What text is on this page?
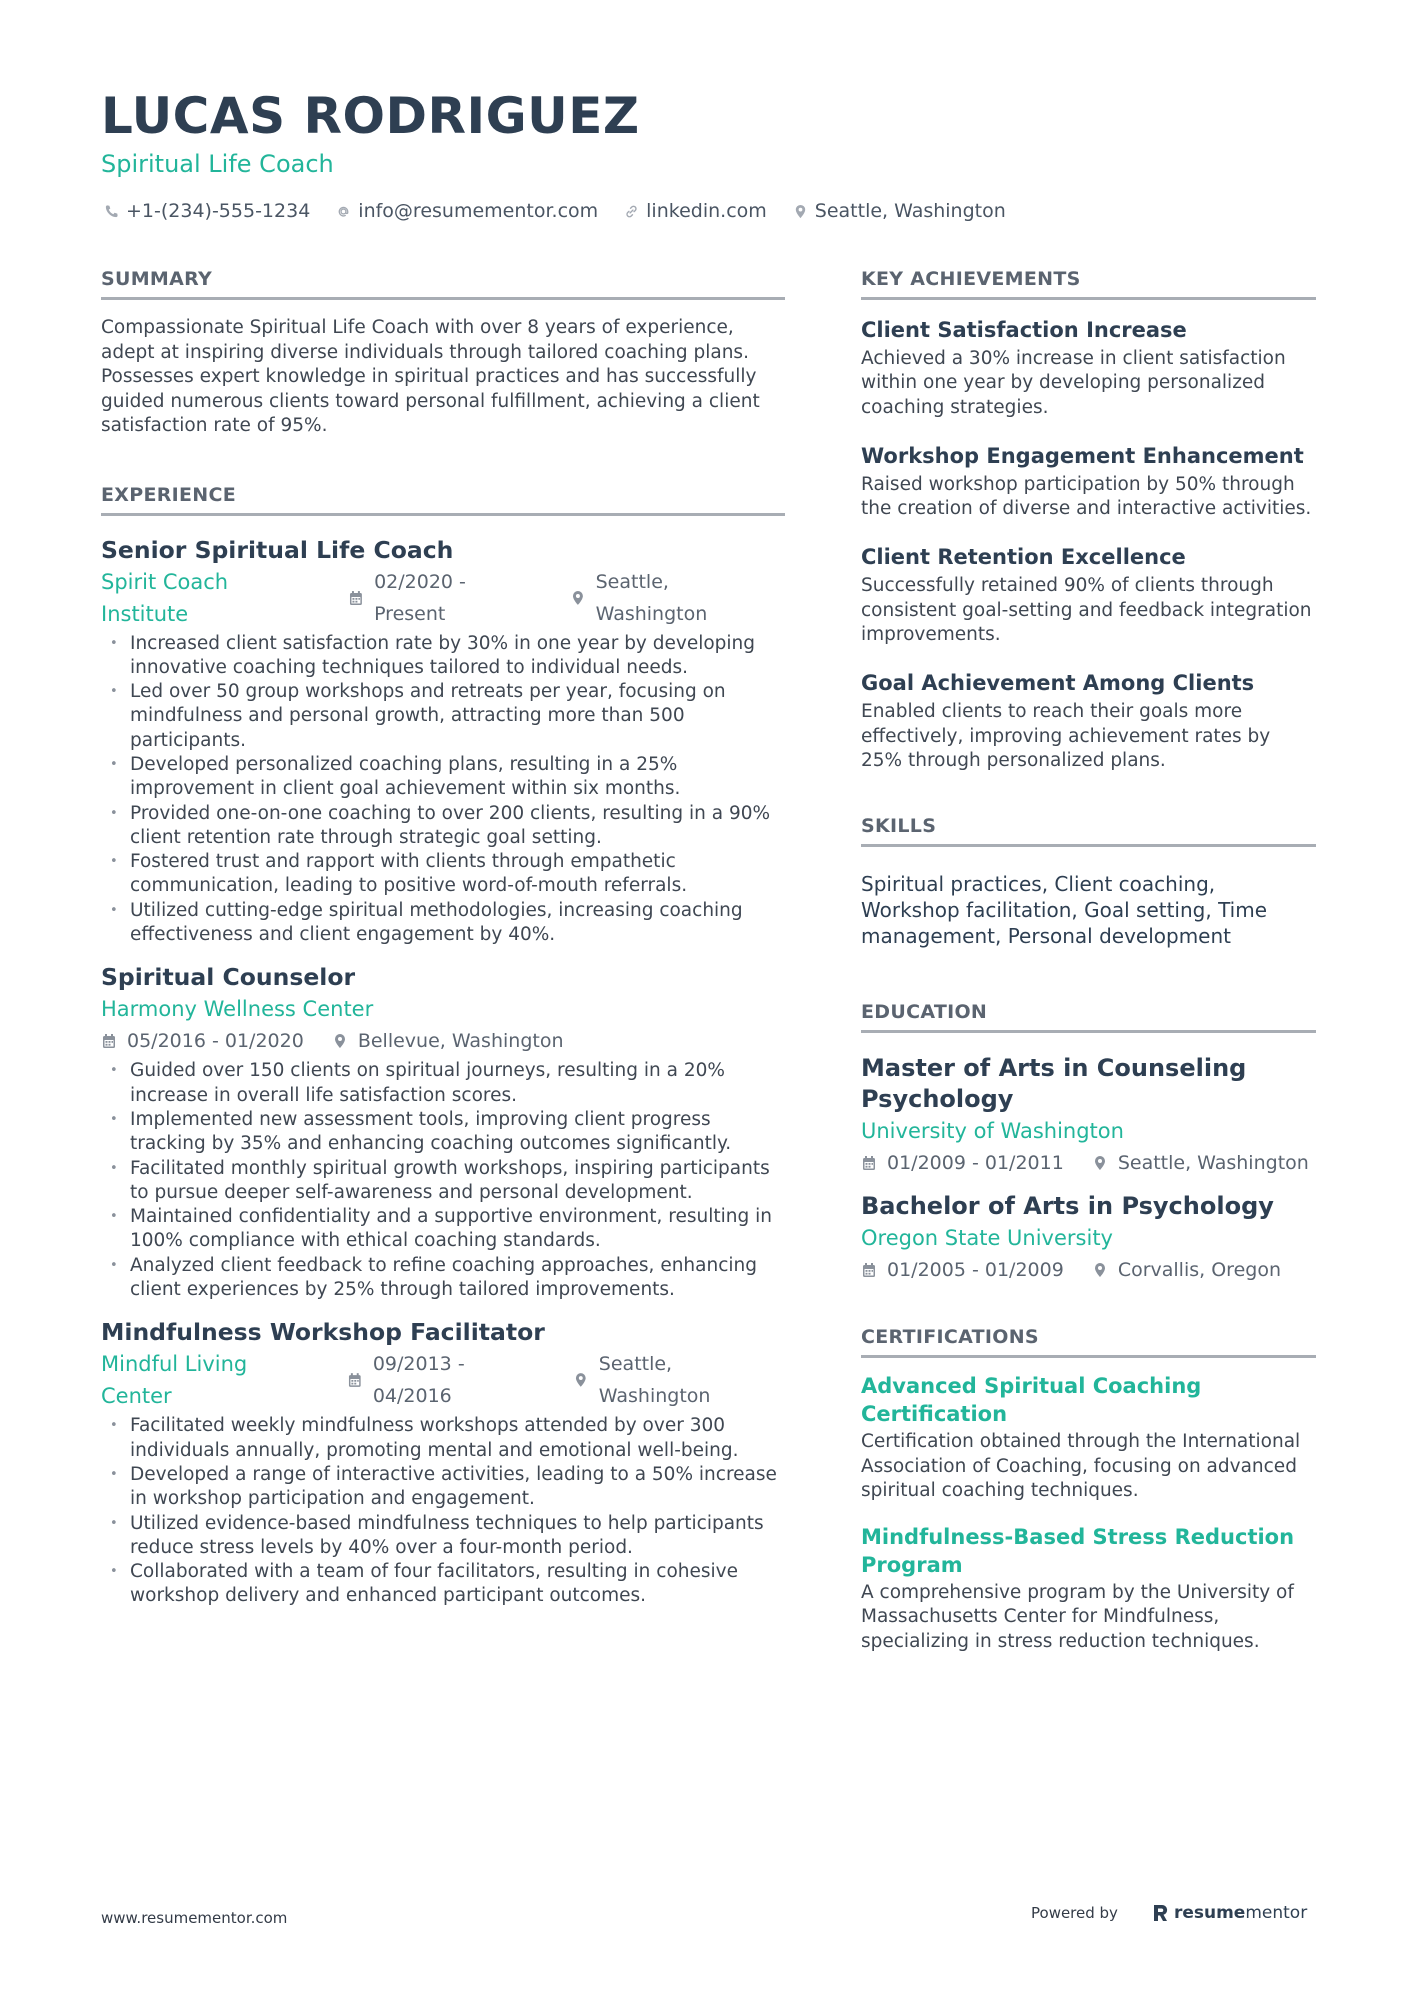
LUCAS RODRIGUEZ
Spiritual Life Coach
+1-(234)-555-1234	info@resumementor.com	linkedin.com	Seattle, Washington
SUMMARY

Compassionate Spiritual Life Coach with over 8 years of experience, adept at inspiring diverse individuals through tailored coaching plans. Possesses expert knowledge in spiritual practices and has successfully guided numerous clients toward personal fulfillment, achieving a client satisfaction rate of 95%.

EXPERIENCE
Senior Spiritual Life Coach
Spirit Coach Institute
02/2020 - Present
Seattle, Washington
• Increased client satisfaction rate by 30% in one year by developing innovative coaching techniques tailored to individual needs.
• Led over 50 group workshops and retreats per year, focusing on mindfulness and personal growth, attracting more than 500 participants.
• Developed personalized coaching plans, resulting in a 25% improvement in client goal achievement within six months.
• Provided one-on-one coaching to over 200 clients, resulting in a 90% client retention rate through strategic goal setting.
• Fostered trust and rapport with clients through empathetic communication, leading to positive word-of-mouth referrals.
• Utilized cutting-edge spiritual methodologies, increasing coaching effectiveness and client engagement by 40%.
Spiritual Counselor
Harmony Wellness Center
05/2016 - 01/2020	Bellevue, Washington
• Guided over 150 clients on spiritual journeys, resulting in a 20% increase in overall life satisfaction scores.
• Implemented new assessment tools, improving client progress tracking by 35% and enhancing coaching outcomes significantly.
• Facilitated monthly spiritual growth workshops, inspiring participants to pursue deeper self-awareness and personal development.
• Maintained confidentiality and a supportive environment, resulting in 100% compliance with ethical coaching standards.
• Analyzed client feedback to refine coaching approaches, enhancing client experiences by 25% through tailored improvements.
Mindfulness Workshop Facilitator
Mindful Living Center
09/2013 - 04/2016
Seattle, Washington
• Facilitated weekly mindfulness workshops attended by over 300 individuals annually, promoting mental and emotional well-being.
• Developed a range of interactive activities, leading to a 50% increase in workshop participation and engagement.
• Utilized evidence-based mindfulness techniques to help participants reduce stress levels by 40% over a four-month period.
• Collaborated with a team of four facilitators, resulting in cohesive workshop delivery and enhanced participant outcomes.
KEY ACHIEVEMENTS
Client Satisfaction Increase

Achieved a 30% increase in client satisfaction within one year by developing personalized coaching strategies.

Workshop Engagement Enhancement

Raised workshop participation by 50% through the creation of diverse and interactive activities.

Client Retention Excellence

Successfully retained 90% of clients through consistent goal-setting and feedback integration improvements.

Goal Achievement Among Clients

Enabled clients to reach their goals more effectively, improving achievement rates by 25% through personalized plans.

SKILLS

Spiritual practices, Client coaching, Workshop facilitation, Goal setting, Time management, Personal development

EDUCATION
Master of Arts in Counseling Psychology
University of Washington
01/2009 - 01/2011	Seattle, Washington
Bachelor of Arts in Psychology
Oregon State University
01/2005 - 01/2009	Corvallis, Oregon
CERTIFICATIONS
Advanced Spiritual Coaching Certification

Certification obtained through the International Association of Coaching, focusing on advanced spiritual coaching techniques.

Mindfulness-Based Stress Reduction Program

A comprehensive program by the University of Massachusetts Center for Mindfulness, specializing in stress reduction techniques.

www.resumementor.com	Powered by	resume mentor
